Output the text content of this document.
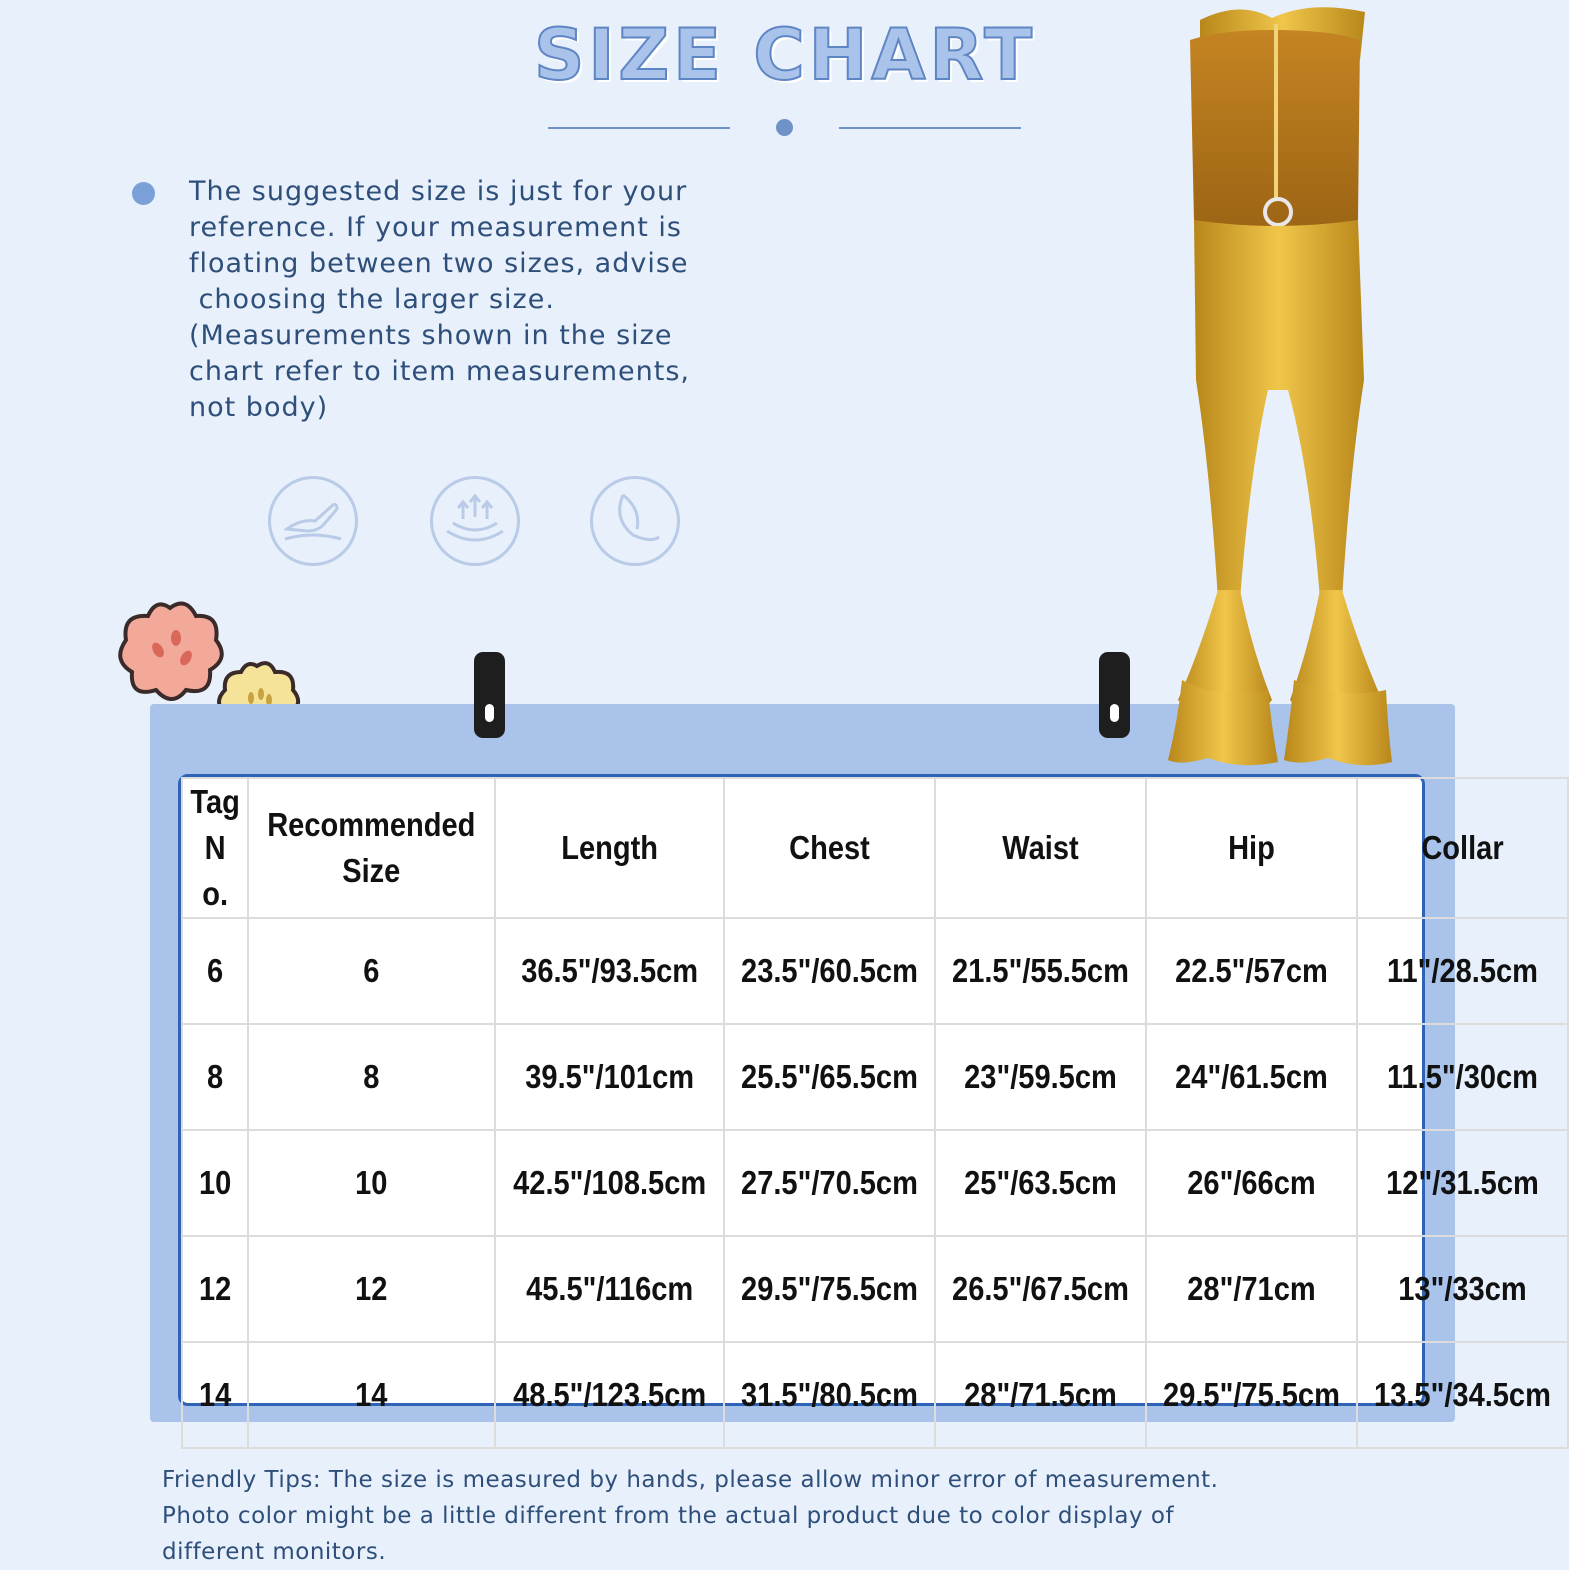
SIZE CHART
The suggested size is just for your
reference. If your measurement is
floating between two sizes, advise
choosing the larger size.
(Measurements shown in the size
chart refer to item measurements,
not body)
Tag N o.	Recommended Size	Length	Chest	Waist	Hip	Collar
6	6	36.5"/93.5cm	23.5"/60.5cm	21.5"/55.5cm	22.5"/57cm	11"/28.5cm
8	8	39.5"/101cm	25.5"/65.5cm	23"/59.5cm	24"/61.5cm	11.5"/30cm
10	10	42.5"/108.5cm	27.5"/70.5cm	25"/63.5cm	26"/66cm	12"/31.5cm
12	12	45.5"/116cm	29.5"/75.5cm	26.5"/67.5cm	28"/71cm	13"/33cm
14	14	48.5"/123.5cm	31.5"/80.5cm	28"/71.5cm	29.5"/75.5cm	13.5"/34.5cm
Friendly Tips: The size is measured by hands, please allow minor error of measurement.
Photo color might be a little different from the actual product due to color display of
different monitors.
